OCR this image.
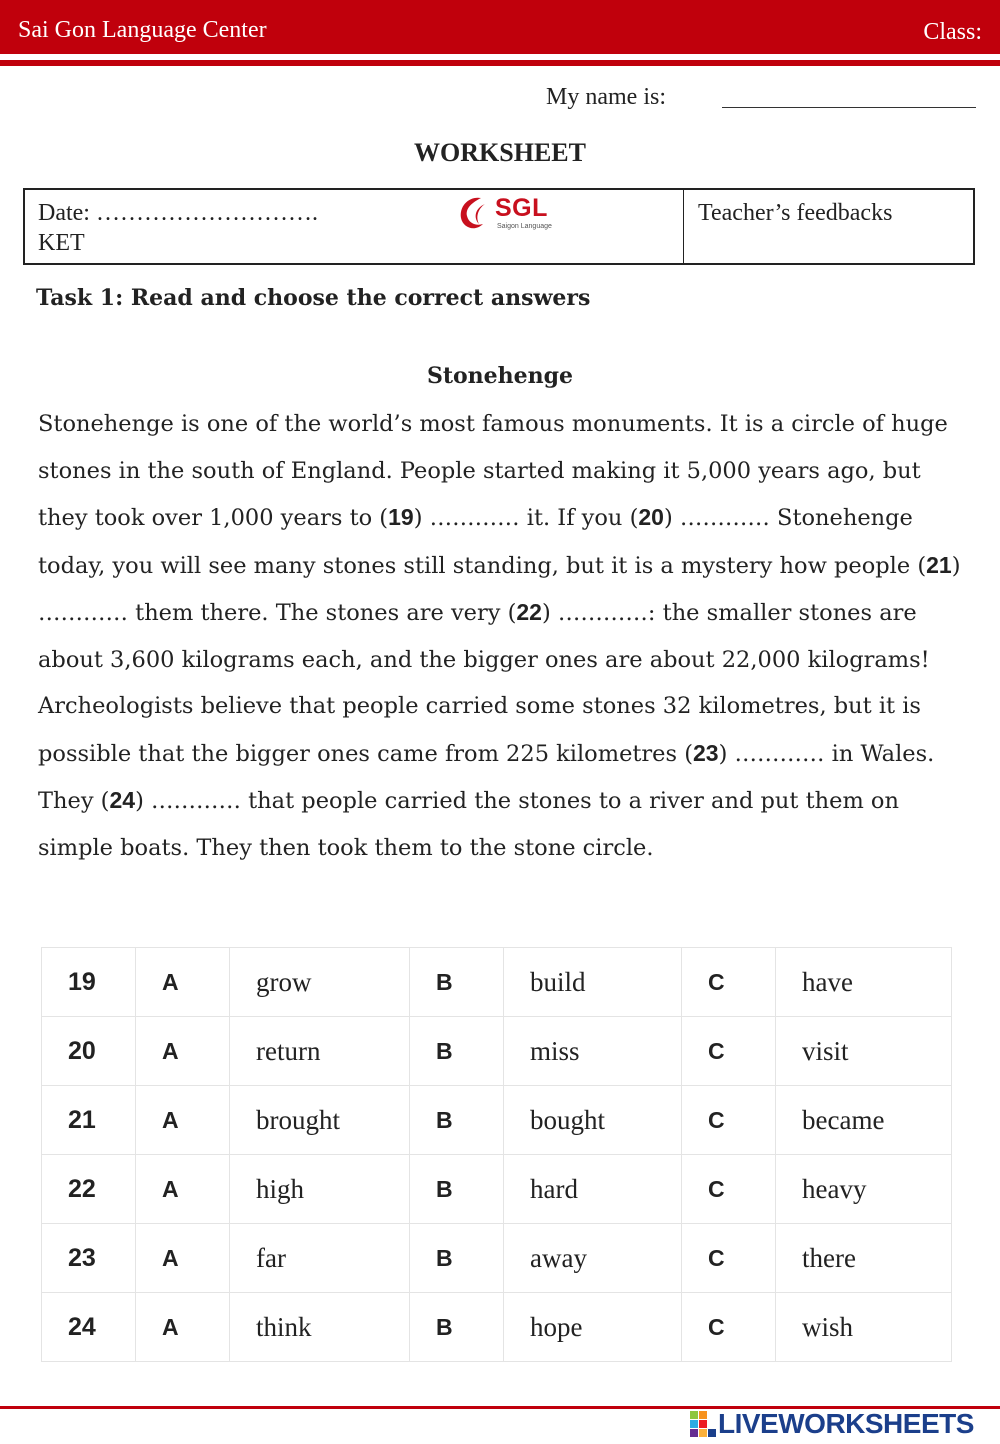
Sai Gon Language Center	Class:
My name is:
WORKSHEET
Date: ……………………….
KET
SGL
Saigon Language
Teacher’s feedbacks
Task 1: Read and choose the correct answers
Stonehenge
Stonehenge is one of the world’s most famous monuments. It is a circle of huge stones in the south of England. People started making it 5,000 years ago, but they took over 1,000 years to (19) ………… it. If you (20) ………… Stonehenge today, you will see many stones still standing, but it is a mystery how people (21) ………… them there. The stones are very (22) …………: the smaller stones are about 3,600 kilograms each, and the bigger ones are about 22,000 kilograms! Archeologists believe that people carried some stones 32 kilometres, but it is possible that the bigger ones came from 225 kilometres (23) ………… in Wales. They (24) ………… that people carried the stones to a river and put them on simple boats. They then took them to the stone circle.
19	A	grow	B	build	C	have
20	A	return	B	miss	C	visit
21	A	brought	B	bought	C	became
22	A	high	B	hard	C	heavy
23	A	far	B	away	C	there
24	A	think	B	hope	C	wish
LIVEWORKSHEETS
